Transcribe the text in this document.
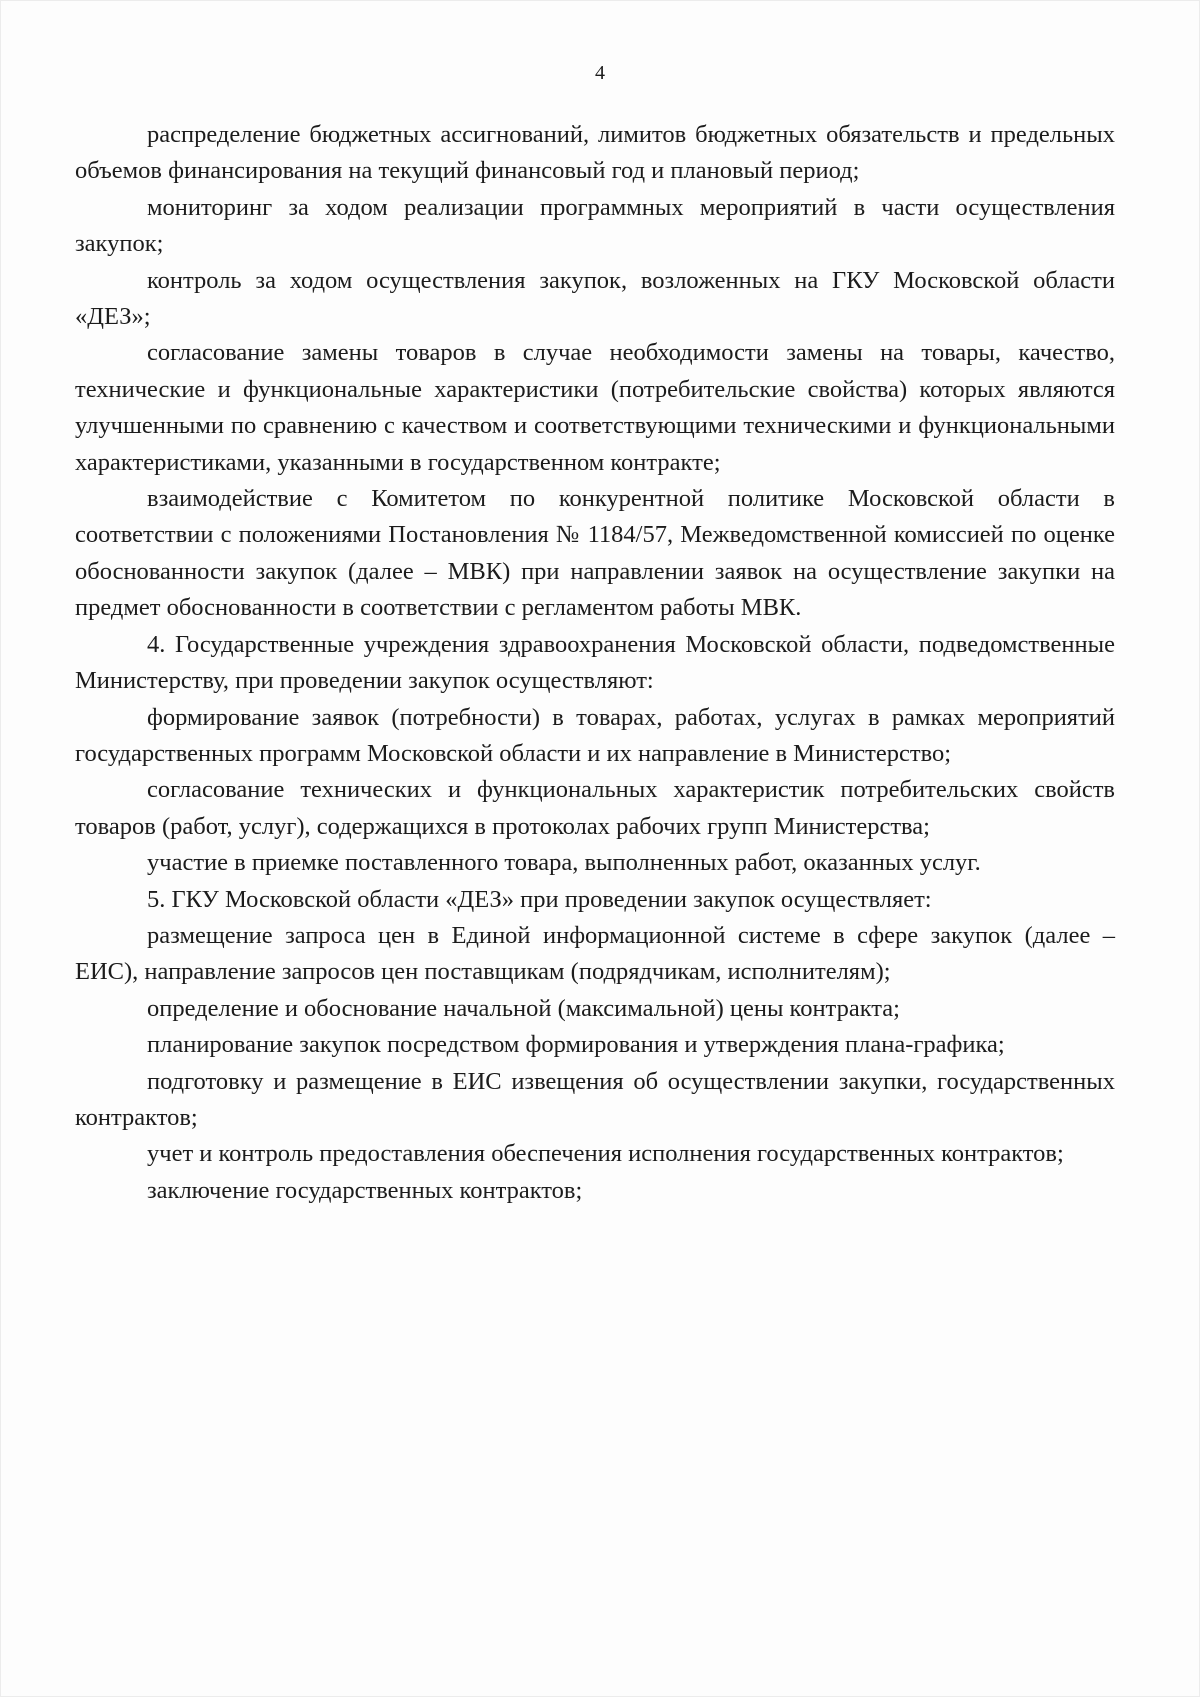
4

распределение бюджетных ассигнований, лимитов бюджетных обязательств и предельных объемов финансирования на текущий финансовый год и плановый период;

мониторинг за ходом реализации программных мероприятий в части осуществления закупок;

контроль за ходом осуществления закупок, возложенных на ГКУ Московской области «ДЕЗ»;

согласование замены товаров в случае необходимости замены на товары, качество, технические и функциональные характеристики (потребительские свойства) которых являются улучшенными по сравнению с качеством и соответствующими техническими и функциональными характеристиками, указанными в государственном контракте;

взаимодействие с Комитетом по конкурентной политике Московской области в соответствии с положениями Постановления № 1184/57, Межведомственной комиссией по оценке обоснованности закупок (далее – МВК) при направлении заявок на осуществление закупки на предмет обоснованности в соответствии с регламентом работы МВК.

4. Государственные учреждения здравоохранения Московской области, подведомственные Министерству, при проведении закупок осуществляют:

формирование заявок (потребности) в товарах, работах, услугах в рамках мероприятий государственных программ Московской области и их направление в Министерство;

согласование технических и функциональных характеристик потребительских свойств товаров (работ, услуг), содержащихся в протоколах рабочих групп Министерства;

участие в приемке поставленного товара, выполненных работ, оказанных услуг.

5. ГКУ Московской области «ДЕЗ» при проведении закупок осуществляет:

размещение запроса цен в Единой информационной системе в сфере закупок (далее – ЕИС), направление запросов цен поставщикам (подрядчикам, исполнителям);

определение и обоснование начальной (максимальной) цены контракта;

планирование закупок посредством формирования и утверждения плана-графика;

подготовку и размещение в ЕИС извещения об осуществлении закупки, государственных контрактов;

учет и контроль предоставления обеспечения исполнения государственных контрактов;

заключение государственных контрактов;
